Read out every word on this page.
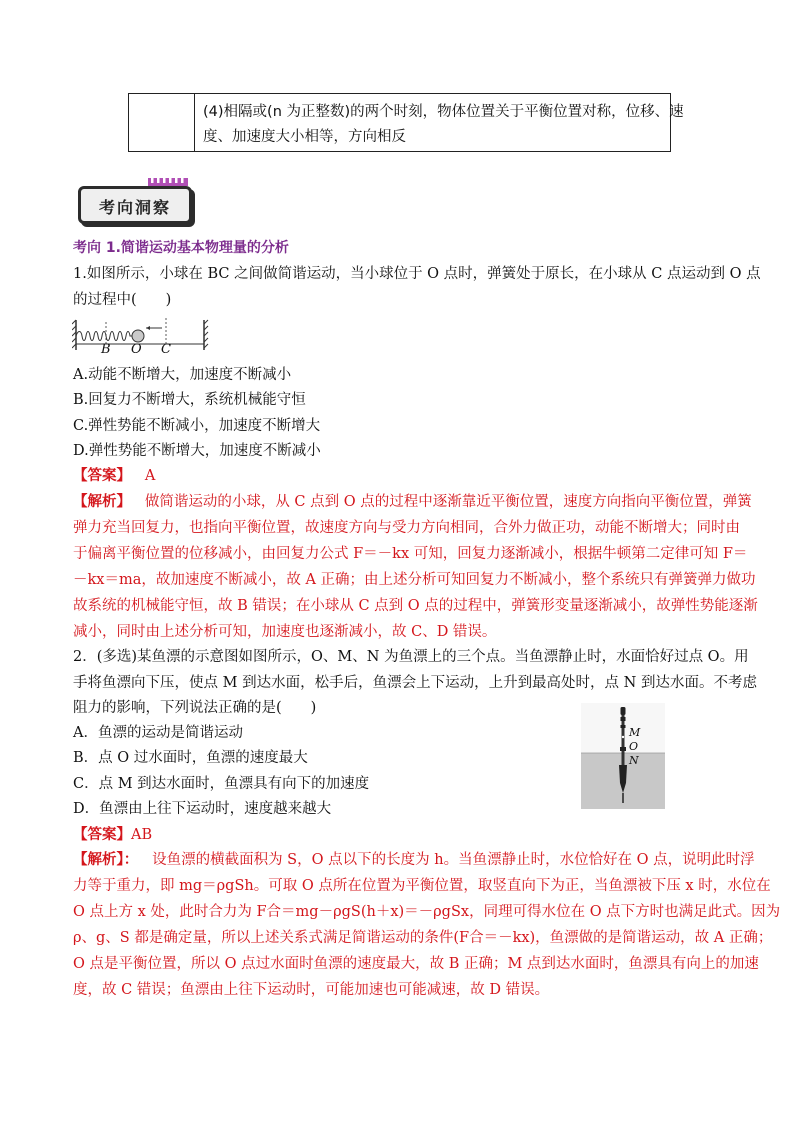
(4)相隔或(n 为正整数)的两个时刻，物体位置关于平衡位置对称，位移、速
度、加速度大小相等，方向相反
考向洞察
考向 1.简谐运动基本物理量的分析
1.如图所示，小球在 BC 之间做简谐运动，当小球位于 O 点时，弹簧处于原长，在小球从 C 点运动到 O 点
的过程中(　　)
B O C
A.动能不断增大，加速度不断减小
B.回复力不断增大，系统机械能守恒
C.弹性势能不断减小，加速度不断增大
D.弹性势能不断增大，加速度不断减小
【答案】 A
【解析】 做简谐运动的小球，从 C 点到 O 点的过程中逐渐靠近平衡位置，速度方向指向平衡位置，弹簧
弹力充当回复力，也指向平衡位置，故速度方向与受力方向相同，合外力做正功，动能不断增大；同时由
于偏离平衡位置的位移减小，由回复力公式 F＝－kx 可知，回复力逐渐减小，根据牛顿第二定律可知 F＝
－kx＝ma，故加速度不断减小，故 A 正确；由上述分析可知回复力不断减小，整个系统只有弹簧弹力做功
故系统的机械能守恒，故 B 错误；在小球从 C 点到 O 点的过程中，弹簧形变量逐渐减小，故弹性势能逐渐
减小，同时由上述分析可知，加速度也逐渐减小，故 C、D 错误。
2．(多选)某鱼漂的示意图如图所示，O、M、N 为鱼漂上的三个点。当鱼漂静止时，水面恰好过点 O。用
手将鱼漂向下压，使点 M 到达水面，松手后，鱼漂会上下运动，上升到最高处时，点 N 到达水面。不考虑
阻力的影响，下列说法正确的是(　　)
A．鱼漂的运动是简谐运动
B．点 O 过水面时，鱼漂的速度最大
C．点 M 到达水面时，鱼漂具有向下的加速度
D．鱼漂由上往下运动时，速度越来越大
M
O
N
【答案】AB
【解析】： 设鱼漂的横截面积为 S，O 点以下的长度为 h。当鱼漂静止时，水位恰好在 O 点，说明此时浮
力等于重力，即 mg＝ρgSh。可取 O 点所在位置为平衡位置，取竖直向下为正，当鱼漂被下压 x 时，水位在
O 点上方 x 处，此时合力为 F合＝mg－ρgS(h＋x)＝－ρgSx，同理可得水位在 O 点下方时也满足此式。因为
ρ、g、S 都是确定量，所以上述关系式满足简谐运动的条件(F合＝－kx)，鱼漂做的是简谐运动，故 A 正确；
O 点是平衡位置，所以 O 点过水面时鱼漂的速度最大，故 B 正确；M 点到达水面时，鱼漂具有向上的加速
度，故 C 错误；鱼漂由上往下运动时，可能加速也可能减速，故 D 错误。
